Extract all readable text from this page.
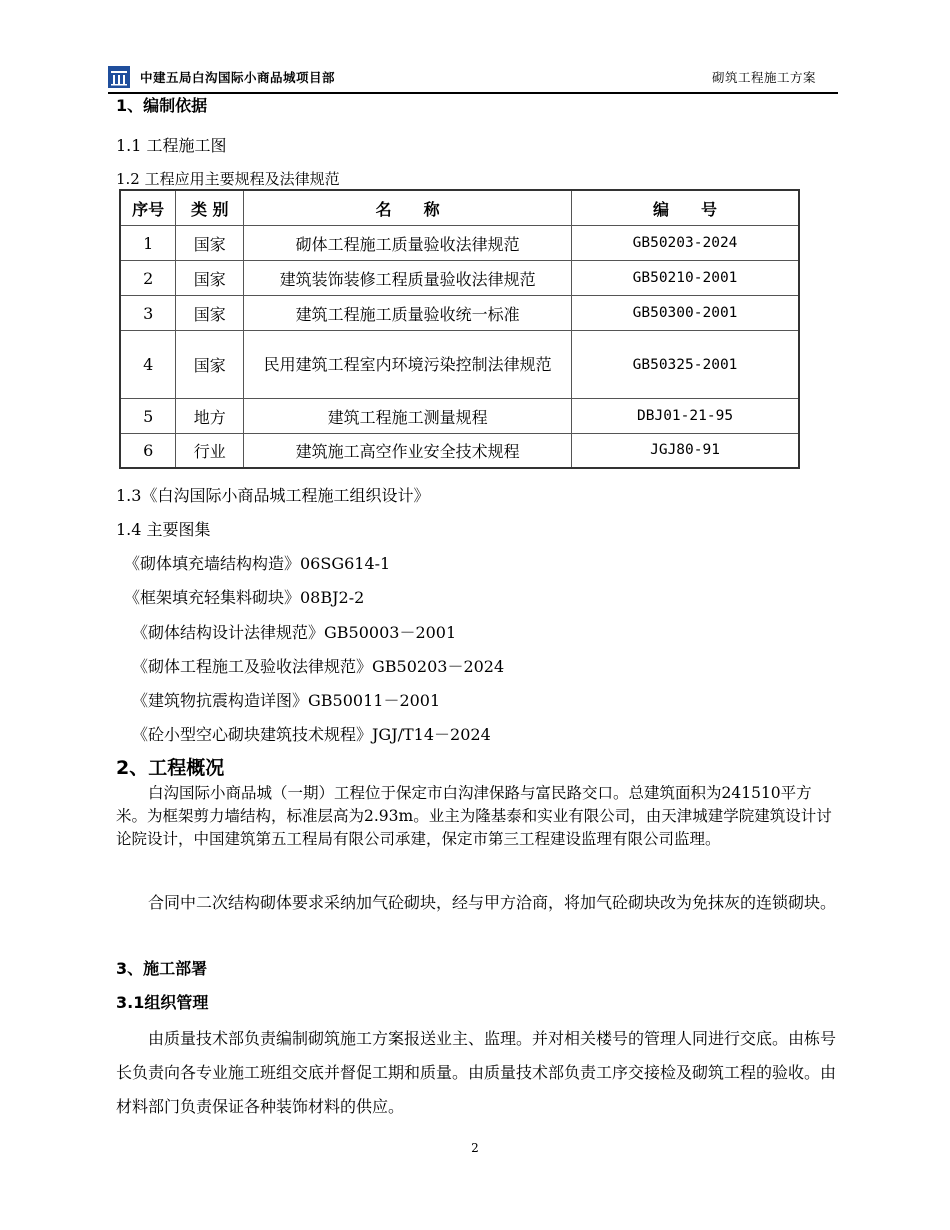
中建五局白沟国际小商品城项目部	砌筑工程施工方案
1、编制依据
1.1 工程施工图
1.2 工程应用主要规程及法律规范
序号	类 别	名　　称	编　　号
1	国家	砌体工程施工质量验收法律规范	GB50203-2024
2	国家	建筑装饰装修工程质量验收法律规范	GB50210-2001
3	国家	建筑工程施工质量验收统一标准	GB50300-2001
4	国家	民用建筑工程室内环境污染控制法律规范	GB50325-2001
5	地方	建筑工程施工测量规程	DBJ01-21-95
6	行业	建筑施工高空作业安全技术规程	JGJ80-91
1.3《白沟国际小商品城工程施工组织设计》
1.4 主要图集
《砌体填充墙结构构造》06SG614-1
《框架填充轻集料砌块》08BJ2-2
《砌体结构设计法律规范》GB50003－2001
《砌体工程施工及验收法律规范》GB50203－2024
《建筑物抗震构造详图》GB50011－2001
《砼小型空心砌块建筑技术规程》JGJ/T14－2024
2、工程概况
白沟国际小商品城（一期）工程位于保定市白沟津保路与富民路交口。总建筑面积为241510平方米。为框架剪力墙结构，标准层高为2.93m。业主为隆基泰和实业有限公司，由天津城建学院建筑设计讨论院设计，中国建筑第五工程局有限公司承建，保定市第三工程建设监理有限公司监理。
合同中二次结构砌体要求采纳加气砼砌块，经与甲方洽商，将加气砼砌块改为免抹灰的连锁砌块。
3、施工部署
3.1组织管理
由质量技术部负责编制砌筑施工方案报送业主、监理。并对相关楼号的管理人同进行交底。由栋号长负责向各专业施工班组交底并督促工期和质量。由质量技术部负责工序交接检及砌筑工程的验收。由材料部门负责保证各种装饰材料的供应。
2
